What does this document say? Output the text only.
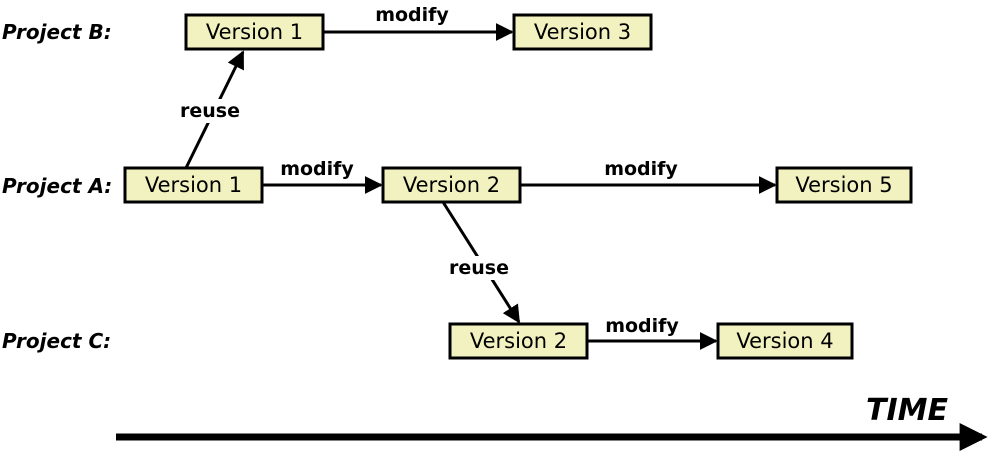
Project B:
Project A:
Project C:
modify
reuse
modify	modify
reuse
modify
Version 1	Version 3
Version 1	Version 2	Version 5
Version 2	Version 4
TIME
